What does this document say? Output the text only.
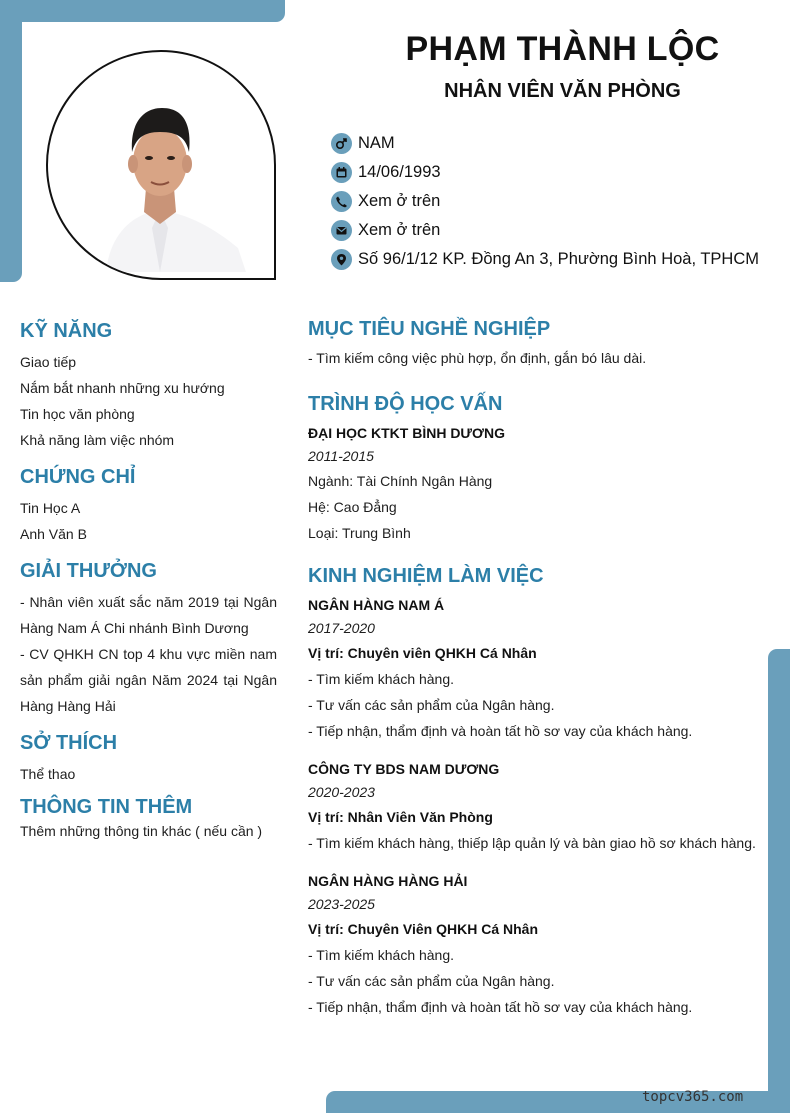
PHẠM THÀNH LỘC
NHÂN VIÊN VĂN PHÒNG
NAM
14/06/1993
Xem ở trên
Xem ở trên
Số 96/1/12 KP. Đồng An 3, Phường Bình Hoà, TPHCM
KỸ NĂNG
Giao tiếp
Nắm bắt nhanh những xu hướng
Tin học văn phòng
Khả năng làm việc nhóm
CHỨNG CHỈ
Tin Học A
Anh Văn B
GIẢI THƯỞNG
- Nhân viên xuất sắc năm 2019 tại Ngân Hàng Nam Á Chi nhánh Bình Dương
- CV QHKH CN top 4 khu vực miền nam sản phẩm giải ngân Năm 2024 tại Ngân Hàng Hàng Hải
SỞ THÍCH
Thể thao
THÔNG TIN THÊM
Thêm những thông tin khác ( nếu cần )
MỤC TIÊU NGHỀ NGHIỆP
- Tìm kiếm công việc phù hợp, ổn định, gắn bó lâu dài.
TRÌNH ĐỘ HỌC VẤN
ĐẠI HỌC KTKT BÌNH DƯƠNG
2011-2015
Ngành: Tài Chính Ngân Hàng
Hệ: Cao Đẳng
Loại: Trung Bình
KINH NGHIỆM LÀM VIỆC
NGÂN HÀNG NAM Á
2017-2020
Vị trí: Chuyên viên QHKH Cá Nhân
- Tìm kiếm khách hàng.
- Tư vấn các sản phẩm của Ngân hàng.
- Tiếp nhận, thẩm định và hoàn tất hồ sơ vay của khách hàng.
CÔNG TY BDS NAM DƯƠNG
2020-2023
Vị trí: Nhân Viên Văn Phòng
- Tìm kiếm khách hàng, thiếp lập quản lý và bàn giao hồ sơ khách hàng.
NGÂN HÀNG HÀNG HẢI
2023-2025
Vị trí: Chuyên Viên QHKH Cá Nhân
- Tìm kiếm khách hàng.
- Tư vấn các sản phẩm của Ngân hàng.
- Tiếp nhận, thẩm định và hoàn tất hồ sơ vay của khách hàng.
topcv365.com
